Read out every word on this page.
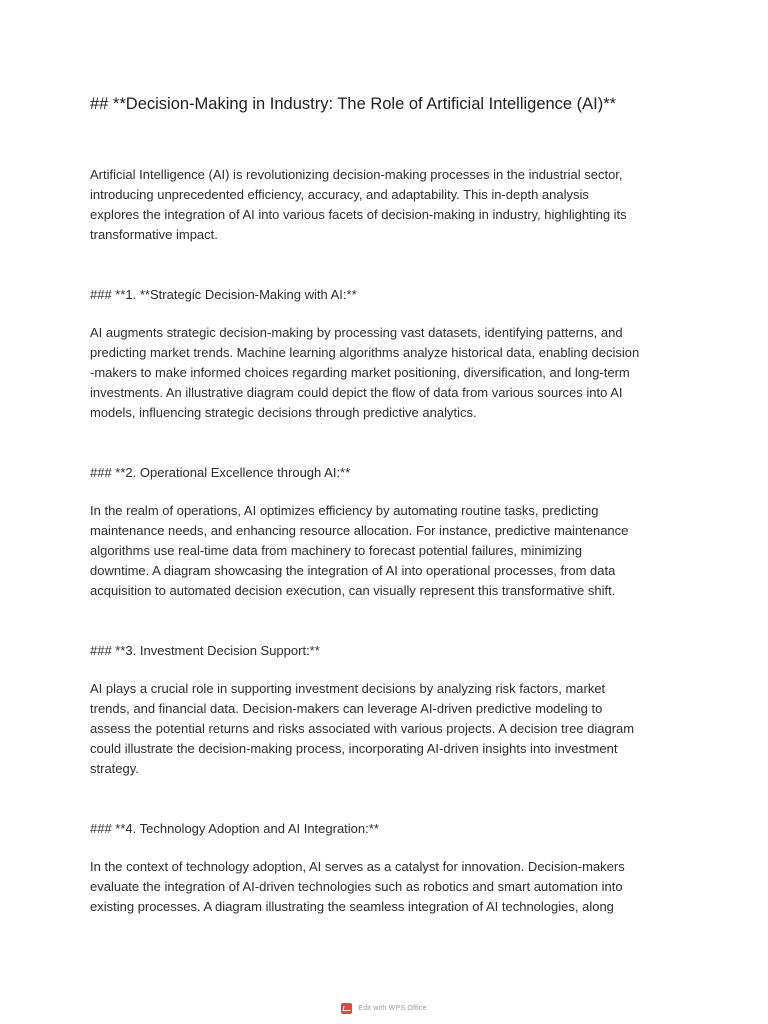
## **Decision-Making in Industry: The Role of Artificial Intelligence (AI)**

Artificial Intelligence (AI) is revolutionizing decision-making processes in the industrial sector,

introducing unprecedented efficiency, accuracy, and adaptability. This in-depth analysis

explores the integration of AI into various facets of decision-making in industry, highlighting its

transformative impact.

### **1. **Strategic Decision-Making with AI:**

AI augments strategic decision-making by processing vast datasets, identifying patterns, and

predicting market trends. Machine learning algorithms analyze historical data, enabling decision

-makers to make informed choices regarding market positioning, diversification, and long-term

investments. An illustrative diagram could depict the flow of data from various sources into AI

models, influencing strategic decisions through predictive analytics.

### **2. Operational Excellence through AI:**

In the realm of operations, AI optimizes efficiency by automating routine tasks, predicting

maintenance needs, and enhancing resource allocation. For instance, predictive maintenance

algorithms use real-time data from machinery to forecast potential failures, minimizing

downtime. A diagram showcasing the integration of AI into operational processes, from data

acquisition to automated decision execution, can visually represent this transformative shift.

### **3. Investment Decision Support:**

AI plays a crucial role in supporting investment decisions by analyzing risk factors, market

trends, and financial data. Decision-makers can leverage AI-driven predictive modeling to

assess the potential returns and risks associated with various projects. A decision tree diagram

could illustrate the decision-making process, incorporating AI-driven insights into investment

strategy.

### **4. Technology Adoption and AI Integration:**

In the context of technology adoption, AI serves as a catalyst for innovation. Decision-makers

evaluate the integration of AI-driven technologies such as robotics and smart automation into

existing processes. A diagram illustrating the seamless integration of AI technologies, along

Edit with WPS Office
